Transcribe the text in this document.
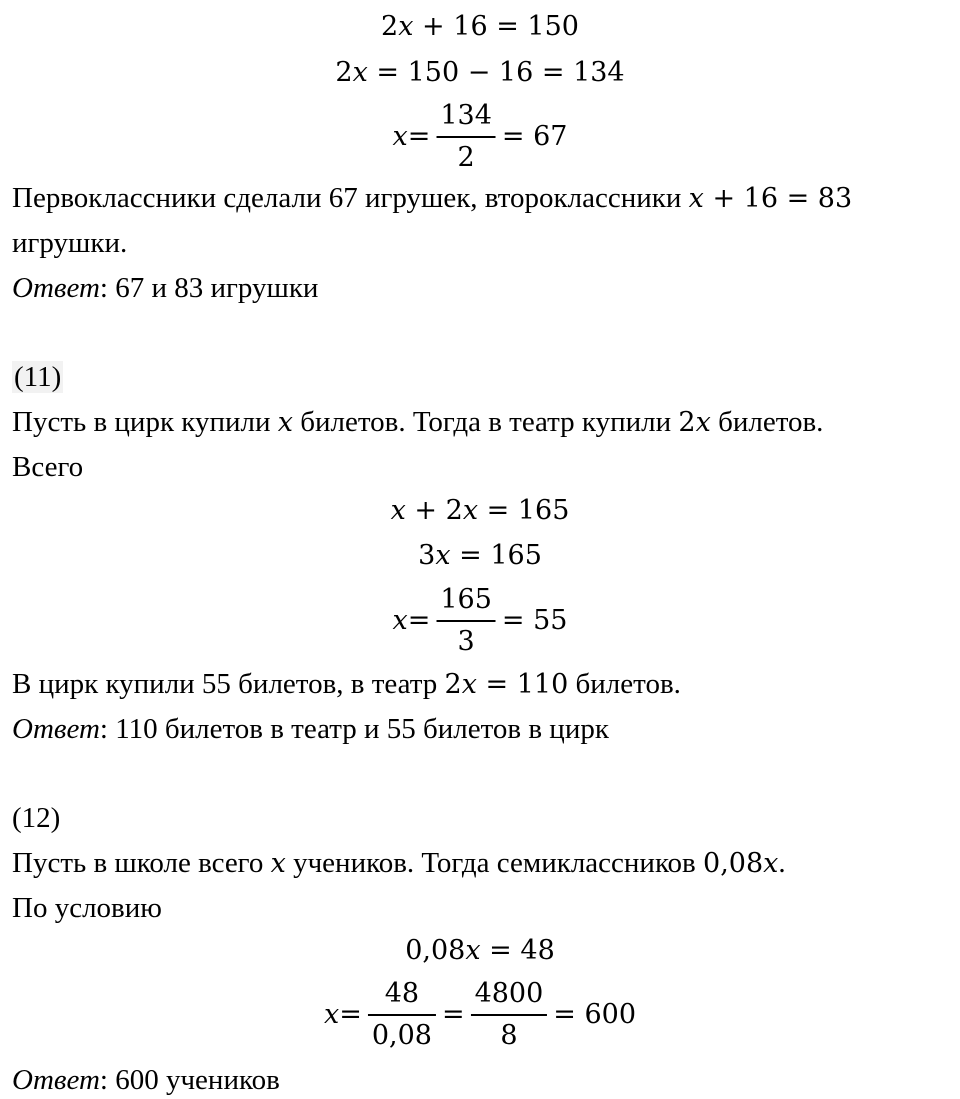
2x + 16 = 150
2x = 150 − 16 = 134
$x = \frac{134}{2} = 67$
Первоклассники сделали 67 игрушек, второклассники x + 16 = 83
игрушки.
Ответ: 67 и 83 игрушки
(11)
Пусть в цирк купили x билетов. Тогда в театр купили 2x билетов.
Всего
x + 2x = 165
3x = 165
$x = \frac{165}{3} = 55$
В цирк купили 55 билетов, в театр 2x = 110 билетов.
Ответ: 110 билетов в театр и 55 билетов в цирк
(12)
Пусть в школе всего x учеников. Тогда семиклассников 0,08x.
По условию
0,08x = 48
$x = \frac{48}{0,08} = \frac{4800}{8} = 600$
Ответ: 600 учеников
